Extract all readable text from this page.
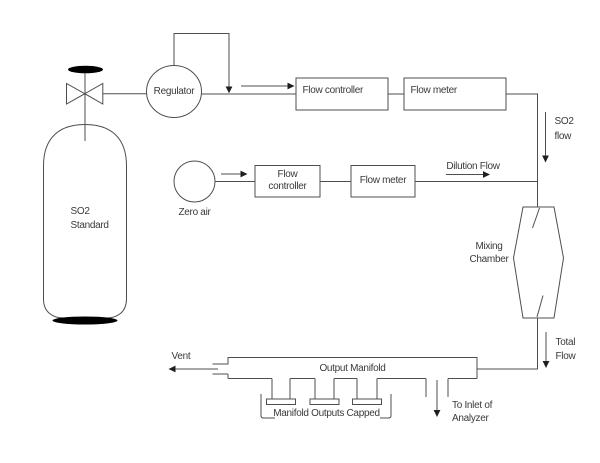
SO2
Standard
Regulator	Flow controller	Flow meter
SO2
flow
Zero air
Flow
controller
Flow meter
Dilution Flow
Mixing
Chamber
Total
Flow
Vent
Output Manifold
Manifold Outputs Capped
To Inlet of
Analyzer
